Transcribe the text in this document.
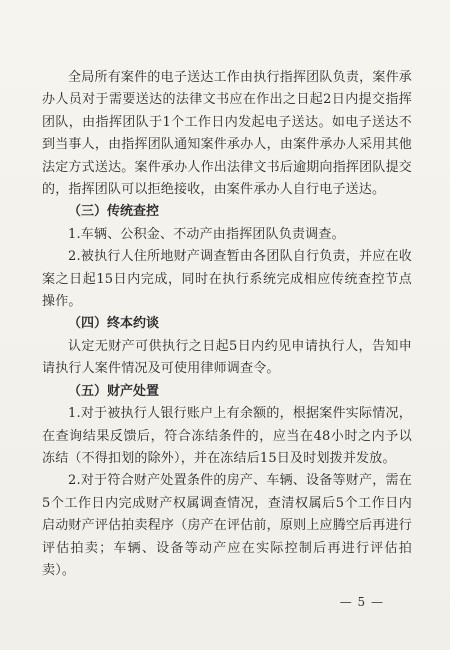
全局所有案件的电子送达工作由执行指挥团队负责，案件承办人员对于需要送达的法律文书应在作出之日起2日内提交指挥团队，由指挥团队于1个工作日内发起电子送达。如电子送达不到当事人，由指挥团队通知案件承办人，由案件承办人采用其他法定方式送达。案件承办人作出法律文书后逾期向指挥团队提交的，指挥团队可以拒绝接收，由案件承办人自行电子送达。

（三）传统查控

1.车辆、公积金、不动产由指挥团队负责调查。

2.被执行人住所地财产调查暂由各团队自行负责，并应在收案之日起15日内完成，同时在执行系统完成相应传统查控节点操作。

（四）终本约谈

认定无财产可供执行之日起5日内约见申请执行人，告知申请执行人案件情况及可使用律师调查令。

（五）财产处置

1.对于被执行人银行账户上有余额的，根据案件实际情况，在查询结果反馈后，符合冻结条件的，应当在48小时之内予以冻结（不得扣划的除外），并在冻结后15日及时划拨并发放。

2.对于符合财产处置条件的房产、车辆、设备等财产，需在5个工作日内完成财产权属调查情况，查清权属后5个工作日内启动财产评估拍卖程序（房产在评估前，原则上应腾空后再进行评估拍卖；车辆、设备等动产应在实际控制后再进行评估拍卖）。

— 5 —
